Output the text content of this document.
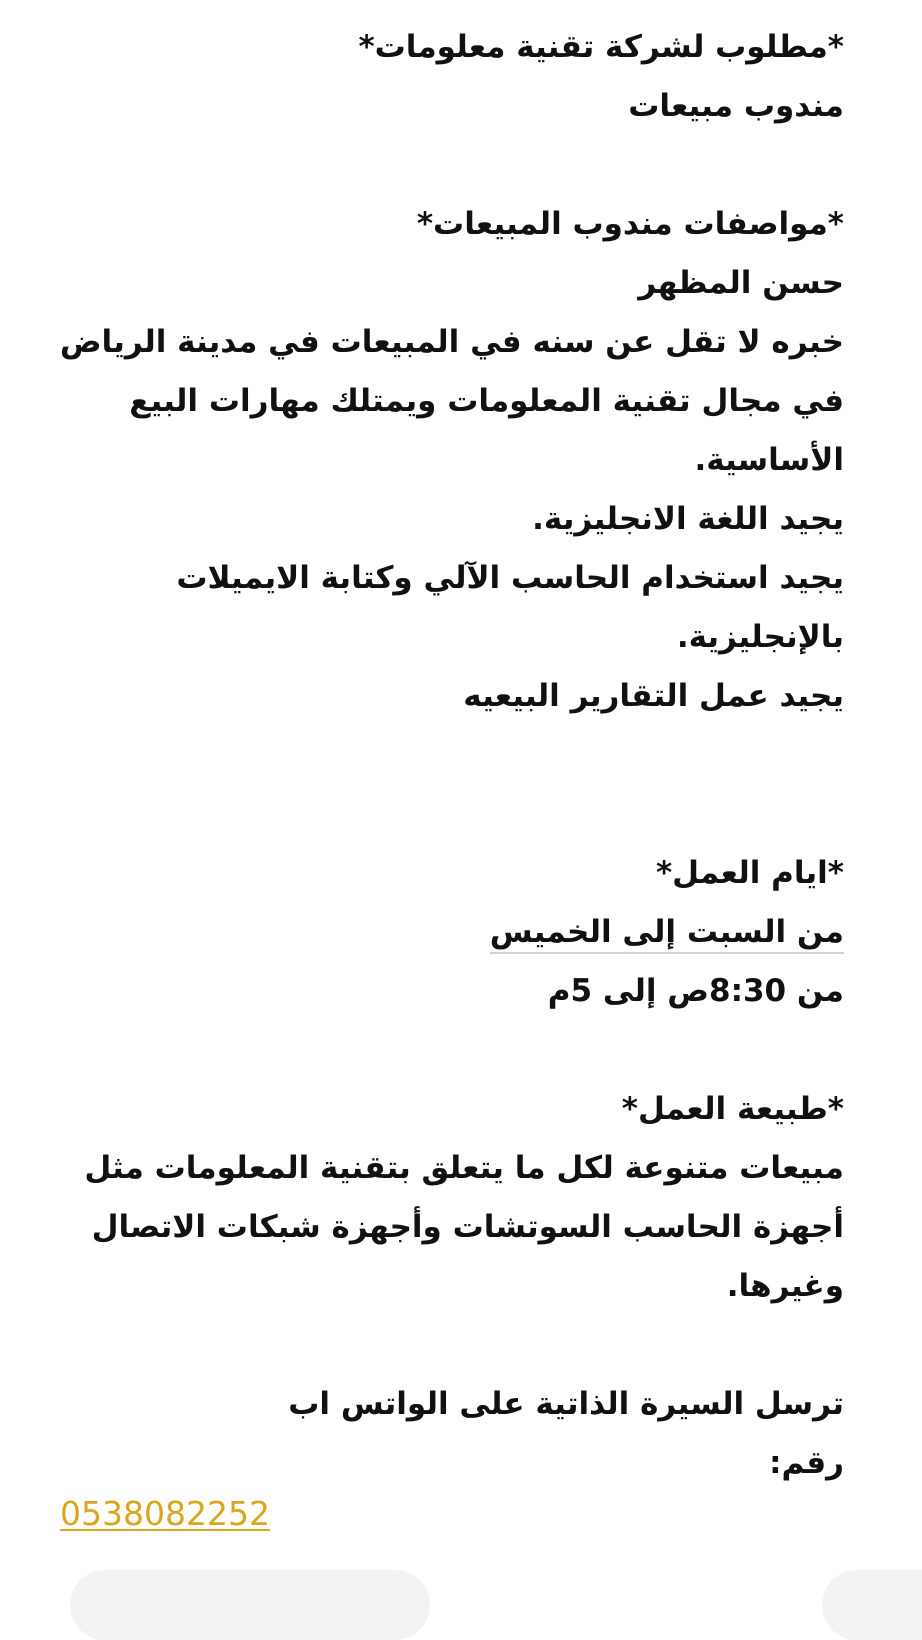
*مطلوب لشركة تقنية معلومات*
مندوب مبيعات
*مواصفات مندوب المبيعات*
حسن المظهر
خبره لا تقل عن سنه في المبيعات في مدينة الرياض
في مجال تقنية المعلومات ويمتلك مهارات البيع
الأساسية.
يجيد اللغة الانجليزية.
يجيد استخدام الحاسب الآلي وكتابة الايميلات
بالإنجليزية.
يجيد عمل التقارير البيعيه
*ايام العمل*
من السبت إلى الخميس
من 8:30ص إلى 5م
*طبيعة العمل*
مبيعات متنوعة لكل ما يتعلق بتقنية المعلومات مثل
أجهزة الحاسب السوتشات وأجهزة شبكات الاتصال
وغيرها.
ترسل السيرة الذاتية على الواتس اب
رقم:
0538082252
